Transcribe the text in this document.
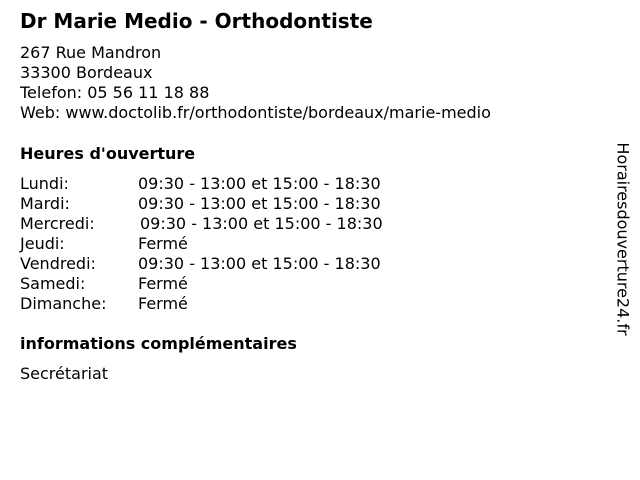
Dr Marie Medio - Orthodontiste
267 Rue Mandron
33300 Bordeaux
Telefon: 05 56 11 18 88
Web: www.doctolib.fr/orthodontiste/bordeaux/marie-medio
Heures d'ouverture
Lundi:	09:30 - 13:00 et 15:00 - 18:30
Mardi:	09:30 - 13:00 et 15:00 - 18:30
Mercredi:	09:30 - 13:00 et 15:00 - 18:30
Jeudi:	Fermé
Vendredi:	09:30 - 13:00 et 15:00 - 18:30
Samedi:	Fermé
Dimanche: Fermé
informations complémentaires
Secrétariat
Horairesdouverture24.fr
